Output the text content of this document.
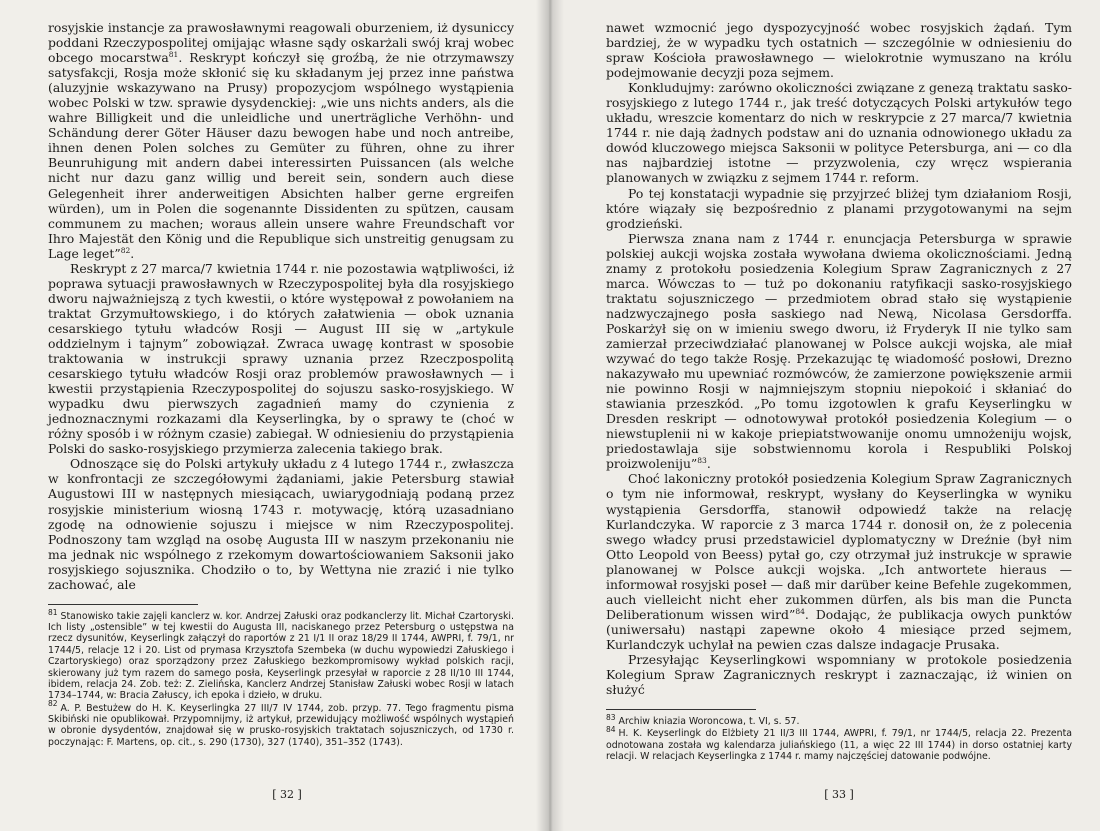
rosyjskie instancje za prawosławnymi reagowali oburzeniem, iż dysuniccy poddani Rzeczypospolitej omijając własne sądy oskarżali swój kraj wobec obcego mocarstwa$^{81}$. Reskrypt kończył się groźbą, że nie otrzymawszy satysfakcji, Rosja może skłonić się ku składanym jej przez inne państwa (aluzyjnie wskazywano na Prusy) propozycjom wspólnego wystąpienia wobec Polski w tzw. sprawie dysydenckiej: „wie uns nichts anders, als die wahre Billigkeit und die unleidliche und unerträgliche Verhöhn- und Schändung derer Göter Häuser dazu bewogen habe und noch antreibe, ihnen denen Polen solches zu Gemüter zu führen, ohne zu ihrer Beunruhigung mit andern dabei interessirten Puissancen (als welche nicht nur dazu ganz willig und bereit sein, sondern auch diese Gelegenheit ihrer anderweitigen Absichten halber gerne ergreifen würden), um in Polen die sogenannte Dissidenten zu spützen, causam communem zu machen; woraus allein unsere wahre Freundschaft vor Ihro Majestät den König und die Republique sich unstreitig genugsam zu Lage leget”$^{82}$.

Reskrypt z 27 marca/7 kwietnia 1744 r. nie pozostawia wątpliwości, iż poprawa sytuacji prawosławnych w Rzeczypospolitej była dla rosyjskiego dworu najważniejszą z tych kwestii, o które występował z powołaniem na traktat Grzymułtowskiego, i do których załatwienia — obok uznania cesarskiego tytułu władców Rosji — August III się w „artykule oddzielnym i tajnym” zobowiązał. Zwraca uwagę kontrast w sposobie traktowania w instrukcji sprawy uznania przez Rzeczpospolitą cesarskiego tytułu władców Rosji oraz problemów prawosławnych — i kwestii przystąpienia Rzeczypospolitej do sojuszu sasko-rosyjskiego. W wypadku dwu pierwszych zagadnień mamy do czynienia z jednoznacznymi rozkazami dla Keyserlingka, by o sprawy te (choć w różny sposób i w różnym czasie) zabiegał. W odniesieniu do przystąpienia Polski do sasko-rosyjskiego przymierza zalecenia takiego brak.

Odnoszące się do Polski artykuły układu z 4 lutego 1744 r., zwłaszcza w konfrontacji ze szczegółowymi żądaniami, jakie Petersburg stawiał Augustowi III w następnych miesiącach, uwiarygodniają podaną przez rosyjskie ministerium wiosną 1743 r. motywację, którą uzasadniano zgodę na odnowienie sojuszu i miejsce w nim Rzeczypospolitej. Podnoszony tam wzgląd na osobę Augusta III w naszym przekonaniu nie ma jednak nic wspólnego z rzekomym dowartościowaniem Saksonii jako rosyjskiego sojusznika. Chodziło o to, by Wettyna nie zrazić i nie tylko zachować, ale

$^{81}$ Stanowisko takie zajęli kanclerz w. kor. Andrzej Załuski oraz podkanclerzy lit. Michał Czartoryski. Ich listy „ostensible” w tej kwestii do Augusta III, naciskanego przez Petersburg o ustępstwa na rzecz dysunitów, Keyserlingk załączył do raportów z 21 I/1 II oraz 18/29 II 1744, AWPRI, f. 79/1, nr 1744/5, relacje 12 i 20. List od prymasa Krzysztofa Szembeka (w duchu wypowiedzi Załuskiego i Czartoryskiego) oraz sporządzony przez Załuskiego bezkompromisowy wykład polskich racji, skierowany już tym razem do samego posła, Keyserlingk przesyłał w raporcie z 28 II/10 III 1744, ibidem, relacja 24. Zob. też: Z. Zielińska, Kanclerz Andrzej Stanisław Załuski wobec Rosji w latach 1734–1744, w: Bracia Załuscy, ich epoka i dzieło, w druku.

$^{82}$ A. P. Bestużew do H. K. Keyserlingka 27 III/7 IV 1744, zob. przyp. 77. Tego fragmentu pisma Skibiński nie opublikował. Przypomnijmy, iż artykuł, przewidujący możliwość wspólnych wystąpień w obronie dysydentów, znajdował się w prusko-rosyjskich traktatach sojuszniczych, od 1730 r. poczynając: F. Martens, op. cit., s. 290 (1730), 327 (1740), 351–352 (1743).

[ 32 ]

nawet wzmocnić jego dyspozycyjność wobec rosyjskich żądań. Tym bardziej, że w wypadku tych ostatnich — szczególnie w odniesieniu do spraw Kościoła prawosławnego — wielokrotnie wymuszano na królu podejmowanie decyzji poza sejmem.

Konkludujmy: zarówno okoliczności związane z genezą traktatu sasko-rosyjskiego z lutego 1744 r., jak treść dotyczących Polski artykułów tego układu, wreszcie komentarz do nich w reskrypcie z 27 marca/7 kwietnia 1744 r. nie dają żadnych podstaw ani do uznania odnowionego układu za dowód kluczowego miejsca Saksonii w polityce Petersburga, ani — co dla nas najbardziej istotne — przyzwolenia, czy wręcz wspierania planowanych w związku z sejmem 1744 r. reform.

Po tej konstatacji wypadnie się przyjrzeć bliżej tym działaniom Rosji, które wiązały się bezpośrednio z planami przygotowanymi na sejm grodzieński.

Pierwsza znana nam z 1744 r. enuncjacja Petersburga w sprawie polskiej aukcji wojska została wywołana dwiema okolicznościami. Jedną znamy z protokołu posiedzenia Kolegium Spraw Zagranicznych z 27 marca. Wówczas to — tuż po dokonaniu ratyfikacji sasko-rosyjskiego traktatu sojuszniczego — przedmiotem obrad stało się wystąpienie nadzwyczajnego posła saskiego nad Newą, Nicolasa Gersdorffa. Poskarżył się on w imieniu swego dworu, iż Fryderyk II nie tylko sam zamierzał przeciwdziałać planowanej w Polsce aukcji wojska, ale miał wzywać do tego także Rosję. Przekazując tę wiadomość posłowi, Drezno nakazywało mu upewniać rozmówców, że zamierzone powiększenie armii nie powinno Rosji w najmniejszym stopniu niepokoić i skłaniać do stawiania przeszkód. „Po tomu izgotowlen k grafu Keyserlingku w Dresden reskript — odnotowywał protokół posiedzenia Kolegium — o niewstuplenii ni w kakoje priepiatstwowanije onomu umnożeniju wojsk, priedostawlaja sije sobstwiennomu korola i Respubliki Polskoj proizwoleniju”$^{83}$.

Choć lakoniczny protokół posiedzenia Kolegium Spraw Zagranicznych o tym nie informował, reskrypt, wysłany do Keyserlingka w wyniku wystąpienia Gersdorffa, stanowił odpowiedź także na relację Kurlandczyka. W raporcie z 3 marca 1744 r. donosił on, że z polecenia swego władcy prusi przedstawiciel dyplomatyczny w Dreźnie (był nim Otto Leopold von Beess) pytał go, czy otrzymał już instrukcje w sprawie planowanej w Polsce aukcji wojska. „Ich antwortete hieraus — informował rosyjski poseł — daß mir darüber keine Befehle zugekommen, auch vielleicht nicht eher zukommen dürfen, als bis man die Puncta Deliberationum wissen wird”$^{84}$. Dodając, że publikacja owych punktów (uniwersału) nastąpi zapewne około 4 miesiące przed sejmem, Kurlandczyk uchylał na pewien czas dalsze indagacje Prusaka.

Przesyłając Keyserlingkowi wspomniany w protokole posiedzenia Kolegium Spraw Zagranicznych reskrypt i zaznaczając, iż winien on służyć

$^{83}$ Archiw kniazia Woroncowa, t. VI, s. 57.

$^{84}$ H. K. Keyserlingk do Elżbiety 21 II/3 III 1744, AWPRI, f. 79/1, nr 1744/5, relacja 22. Prezenta odnotowana została wg kalendarza juliańskiego (11, a więc 22 III 1744) in dorso ostatniej karty relacji. W relacjach Keyserlingka z 1744 r. mamy najczęściej datowanie podwójne.

[ 33 ]
